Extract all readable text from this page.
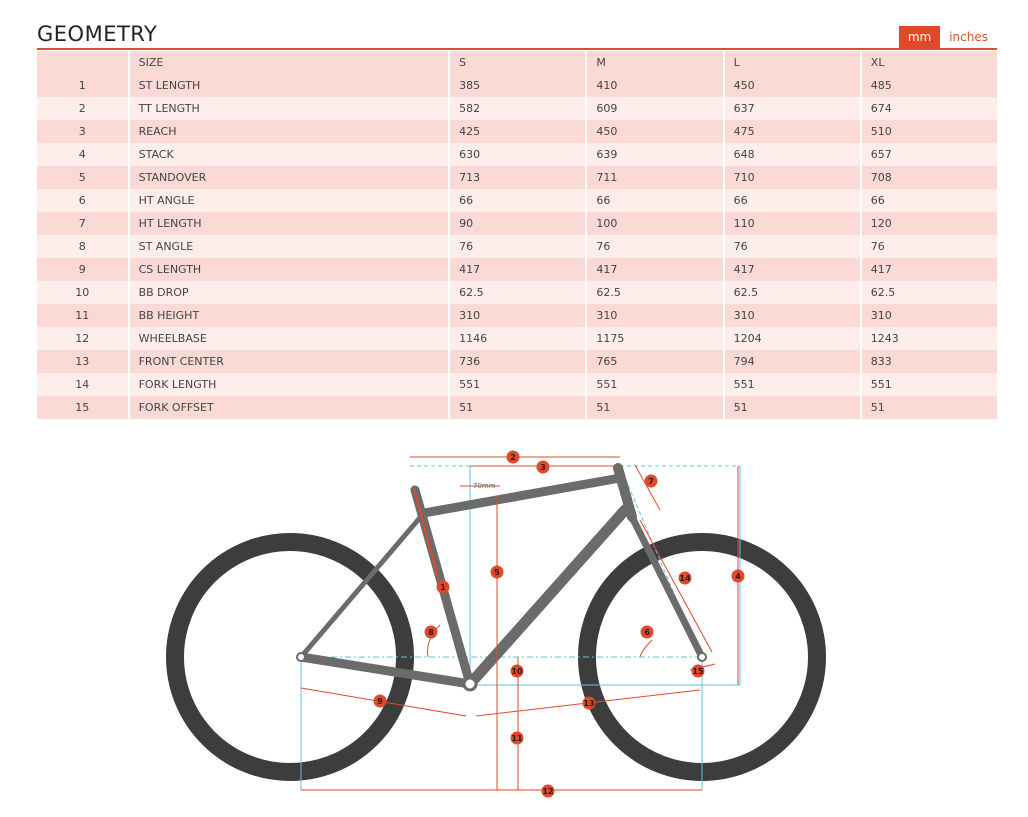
GEOMETRY	mm	inches
	SIZE	S	M	L	XL
1	ST LENGTH	385	410	450	485
2	TT LENGTH	582	609	637	674
3	REACH	425	450	475	510
4	STACK	630	639	648	657
5	STANDOVER	713	711	710	708
6	HT ANGLE	66	66	66	66
7	HT LENGTH	90	100	110	120
8	ST ANGLE	76	76	76	76
9	CS LENGTH	417	417	417	417
10	BB DROP	62.5	62.5	62.5	62.5
11	BB HEIGHT	310	310	310	310
12	WHEELBASE	1146	1175	1204	1243
13	FRONT CENTER	736	765	794	833
14	FORK LENGTH	551	551	551	551
15	FORK OFFSET	51	51	51	51
70mm
1
2
3
4
5
6
7
8
9
10
11
12
13
14
15
